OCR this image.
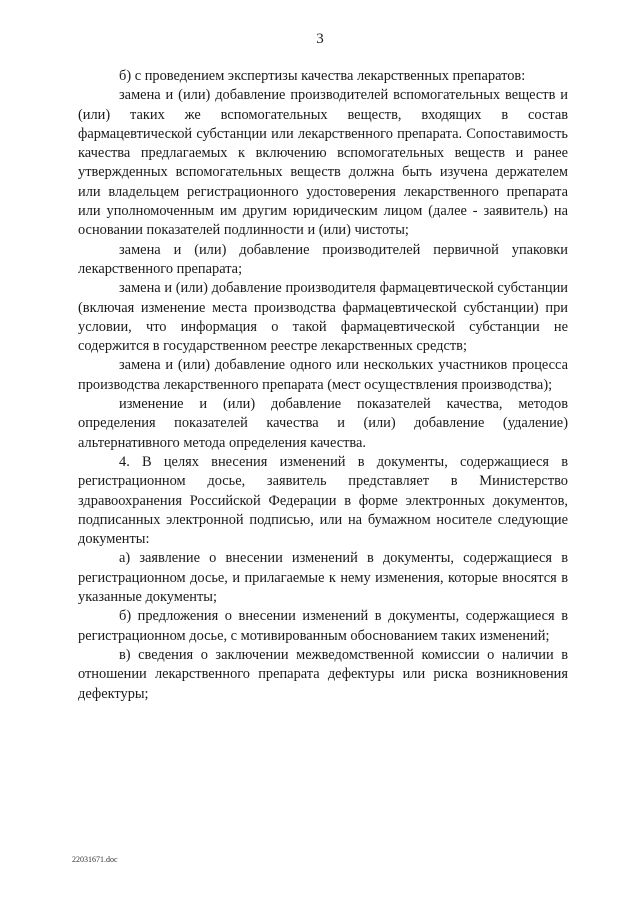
3

б) с проведением экспертизы качества лекарственных препаратов:

замена и (или) добавление производителей вспомогательных веществ и (или) таких же вспомогательных веществ, входящих в состав фармацевтической субстанции или лекарственного препарата. Сопоставимость качества предлагаемых к включению вспомогательных веществ и ранее утвержденных вспомогательных веществ должна быть изучена держателем или владельцем регистрационного удостоверения лекарственного препарата или уполномоченным им другим юридическим лицом (далее - заявитель) на основании показателей подлинности и (или) чистоты;

замена и (или) добавление производителей первичной упаковки лекарственного препарата;

замена и (или) добавление производителя фармацевтической субстанции (включая изменение места производства фармацевтической субстанции) при условии, что информация о такой фармацевтической субстанции не содержится в государственном реестре лекарственных средств;

замена и (или) добавление одного или нескольких участников процесса производства лекарственного препарата (мест осуществления производства);

изменение и (или) добавление показателей качества, методов определения показателей качества и (или) добавление (удаление) альтернативного метода определения качества.

4. В целях внесения изменений в документы, содержащиеся в регистрационном досье, заявитель представляет в Министерство здравоохранения Российской Федерации в форме электронных документов, подписанных электронной подписью, или на бумажном носителе следующие документы:

а) заявление о внесении изменений в документы, содержащиеся в регистрационном досье, и прилагаемые к нему изменения, которые вносятся в указанные документы;

б) предложения о внесении изменений в документы, содержащиеся в регистрационном досье, с мотивированным обоснованием таких изменений;

в) сведения о заключении межведомственной комиссии о наличии в отношении лекарственного препарата дефектуры или риска возникновения дефектуры;

22031671.doc
